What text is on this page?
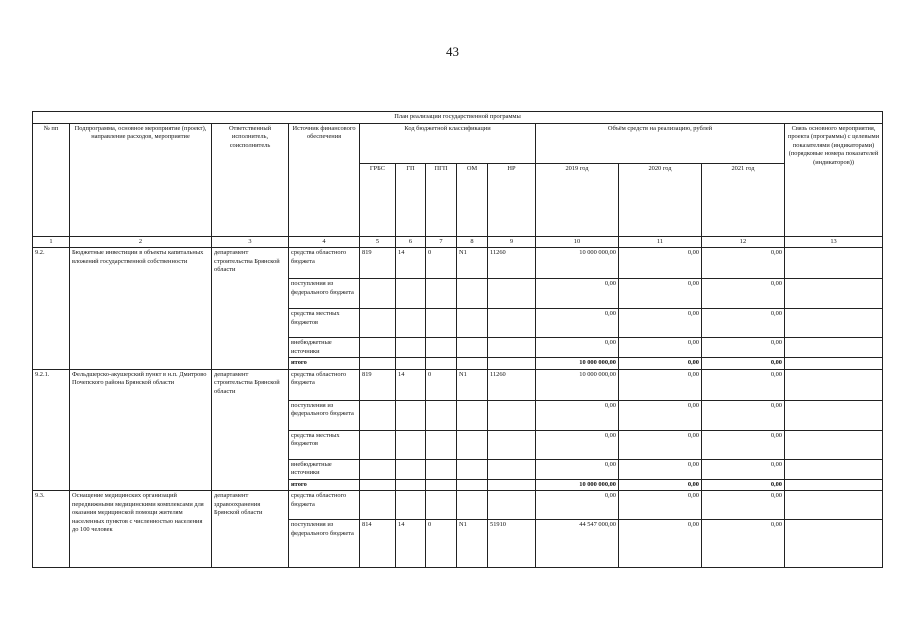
43
План реализации государственной программы												
№ пп	Подпрограмма, основное мероприятие (проект), направление расходов, мероприятие	Ответственный исполнитель, соисполнитель	Источник финансового обеспечения	Код бюджетной классификации					Объём средств на реализацию, рублей			Связь основного мероприятия, проекта (программы) с целевыми показателями (индикаторами) (порядковые номера показателей (индикаторов))
				ГРБС	ГП	ПГП	ОМ	НР	2019 год	2020 год	2021 год	
1	2	3	4	5	6	7	8	9	10	11	12	13
9.2.	Бюджетные инвестиции в объекты капитальных вложений государственной собственности	департамент строительства Брянской области	средства областного бюджета	819	14	0	N1	11260	10 000 000,00	0,00	0,00	
			поступления из федерального бюджета						0,00	0,00	0,00	
			средства местных бюджетов						0,00	0,00	0,00	
			внебюджетные источники						0,00	0,00	0,00	
			итого						10 000 000,00	0,00	0,00	
9.2.1.	Фельдшерско-акушерский пункт в н.п. Дмитрово Почепского района Брянской области	департамент строительства Брянской области	средства областного бюджета	819	14	0	N1	11260	10 000 000,00	0,00	0,00	
			поступления из федерального бюджета						0,00	0,00	0,00	
			средства местных бюджетов						0,00	0,00	0,00	
			внебюджетные источники						0,00	0,00	0,00	
			итого						10 000 000,00	0,00	0,00	
9.3.	Оснащение медицинских организаций передвижными медицинскими комплексами для оказания медицинской помощи жителям населенных пунктов с численностью населения до 100 человек	департамент здравоохранения Брянской области	средства областного бюджета						0,00	0,00	0,00	
			поступления из федерального бюджета	814	14	0	N1	51910	44 547 000,00	0,00	0,00	
